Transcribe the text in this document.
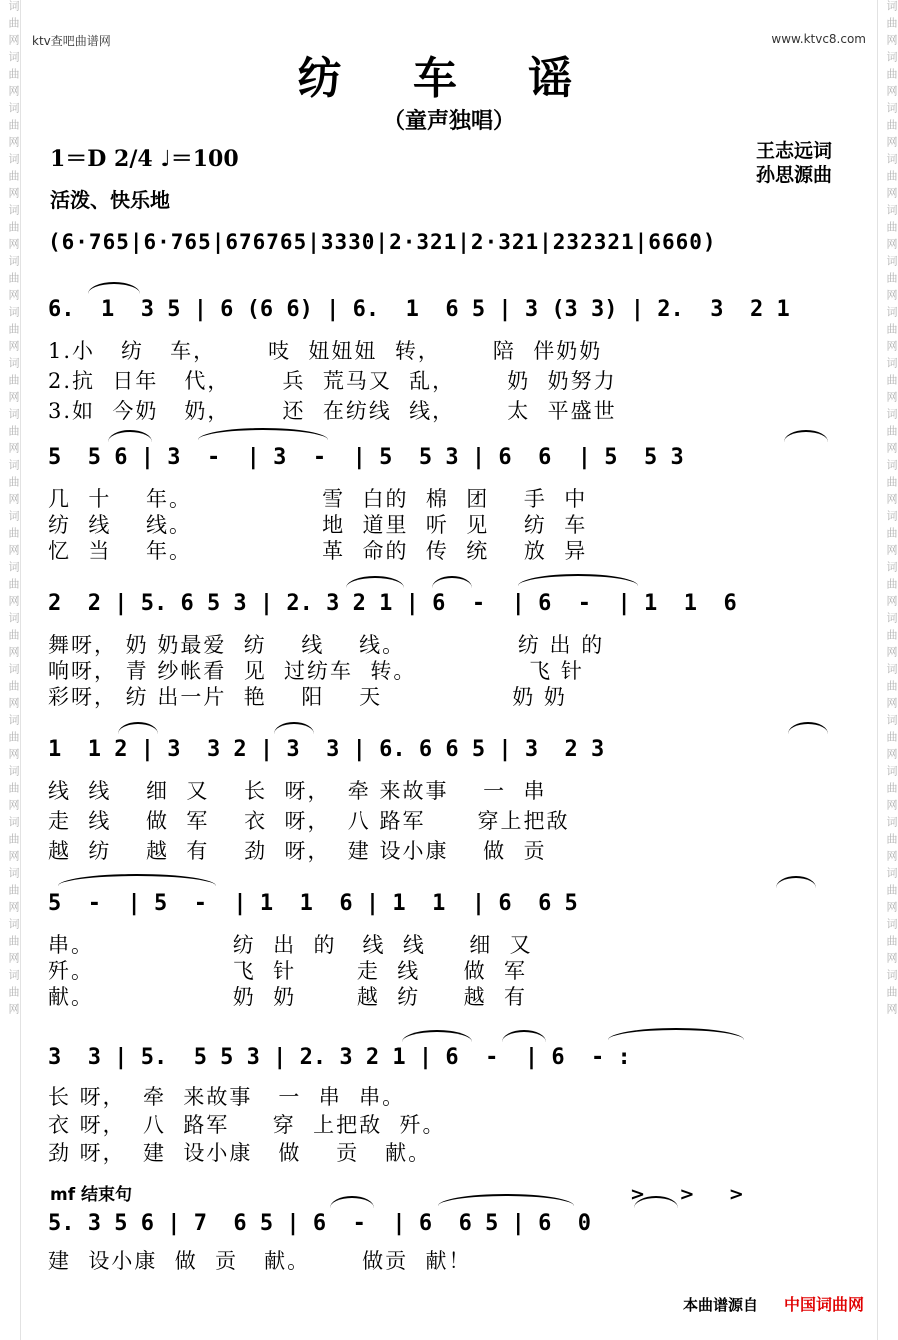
词曲网词曲网词曲网词曲网词曲网词曲网词曲网词曲网词曲网词曲网词曲网词曲网词曲网词曲网词曲网词曲网词曲网词曲网词曲网词曲网	词曲网词曲网词曲网词曲网词曲网词曲网词曲网词曲网词曲网词曲网词曲网词曲网词曲网词曲网词曲网词曲网词曲网词曲网词曲网词曲网
ktv查吧曲谱网	www.ktvc8.com
纺 车 谣
（童声独唱）
王志远词
孙思源曲
1＝D 2/4 ♩＝100
活泼、快乐地
(6·765|6·765|676765|3330|2·321|2·321|232321|6660)
6.  1  3 5 | 6 (6 6) | 6.  1  6 5 | 3 (3 3) | 2.  3  2 1
1.小   纺   车，      吱  妞妞妞  转，      陪  伴奶奶
2.抗  日年   代，      兵  荒马又  乱，      奶  奶努力
3.如  今奶   奶，      还  在纺线  线，      太  平盛世
5  5 6 | 3  -  | 3  -  | 5  5 3 | 6  6  | 5  5 3
几  十    年。               雪  白的  棉  团    手  中
纺  线    线。               地  道里  听  见    纺  车
忆  当    年。               革  命的  传  统    放  异
2  2 | 5. 6 5 3 | 2. 3 2 1 | 6  -  | 6  -  | 1  1  6
舞呀， 奶 奶最爱  纺    线    线。             纺 出 的
响呀， 青 纱帐看  见  过纺车  转。             飞 针
彩呀， 纺 出一片  艳    阳    天               奶 奶
1  1 2 | 3  3 2 | 3  3 | 6. 6 6 5 | 3  2 3
线  线    细  又    长  呀，  牵 来故事    一  串
走  线    做  军    衣  呀，  八 路军      穿上把敌
越  纺    越  有    劲  呀，  建 设小康    做  贡
5  -  | 5  -  | 1  1  6 | 1  1  | 6  6 5
串。                纺  出  的   线  线     细  又
歼。                飞  针       走  线     做  军
献。                奶  奶       越  纺     越  有
3  3 | 5.  5 5 3 | 2. 3 2 1 | 6  -  | 6  - :
长 呀，  牵  来故事   一  串  串。
衣 呀，  八  路军     穿  上把敌  歼。
劲 呀，  建  设小康   做    贡   献。
mf 结束句	> > >
5. 3 5 6 | 7  6 5 | 6  -  | 6  6 5 | 6  0
建  设小康  做  贡   献。      做贡  献！
本曲谱源自 中国词曲网
